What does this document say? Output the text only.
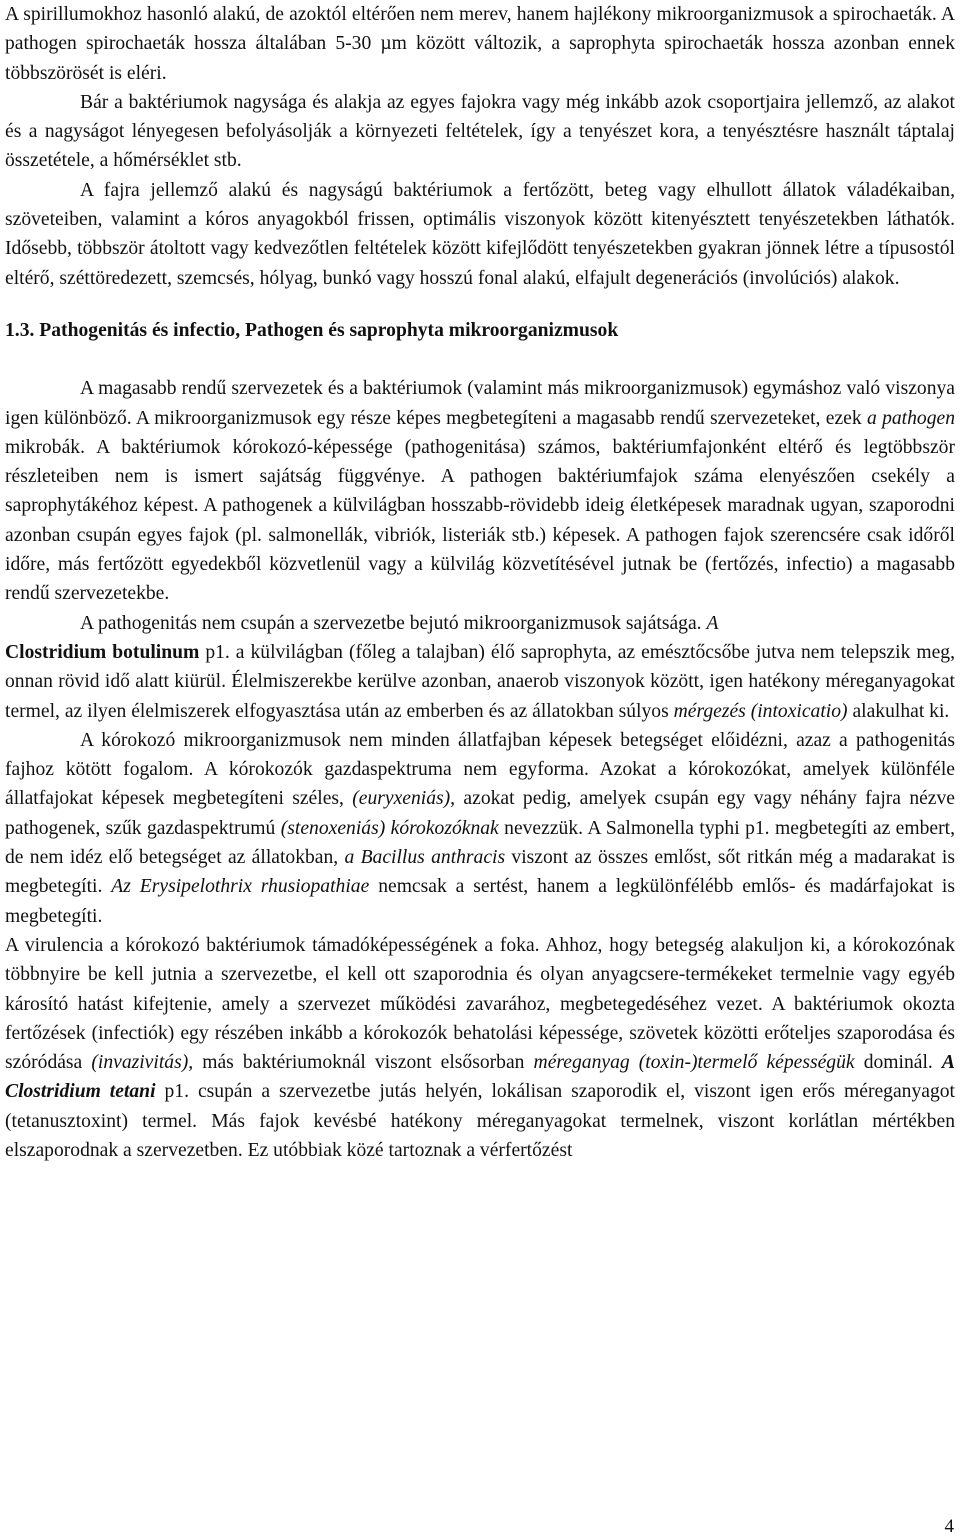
A spirillumokhoz hasonló alakú, de azoktól eltérően nem merev, hanem hajlékony mikroorganizmusok a spirochaeták. A pathogen spirochaeták hossza általában 5-30 µm között változik, a saprophyta spirochaeták hossza azonban ennek többszörösét is eléri.

Bár a baktériumok nagysága és alakja az egyes fajokra vagy még inkább azok csoportjaira jellemző, az alakot és a nagyságot lényegesen befolyásolják a környezeti feltételek, így a tenyészet kora, a tenyésztésre használt táptalaj összetétele, a hőmérséklet stb.

A fajra jellemző alakú és nagyságú baktériumok a fertőzött, beteg vagy elhullott állatok váladékaiban, szöveteiben, valamint a kóros anyagokból frissen, optimális viszonyok között kitenyésztett tenyészetekben láthatók. Idősebb, többször átoltott vagy kedvezőtlen feltételek között kifejlődött tenyészetekben gyakran jönnek létre a típusostól eltérő, széttöredezett, szemcsés, hólyag, bunkó vagy hosszú fonal alakú, elfajult degenerációs (involúciós) alakok.

1.3. Pathogenitás és infectio, Pathogen és saprophyta mikroorganizmusok

A magasabb rendű szervezetek és a baktériumok (valamint más mikroorganizmusok) egymáshoz való viszonya igen különböző. A mikroorganizmusok egy része képes megbetegíteni a magasabb rendű szervezeteket, ezek a pathogen mikrobák. A baktériumok kórokozó-képessége (pathogenitása) számos, baktériumfajonként eltérő és legtöbbször részleteiben nem is ismert sajátság függvénye. A pathogen baktériumfajok száma elenyészően csekély a saprophytákéhoz képest. A pathogenek a külvilágban hosszabb-rövidebb ideig életképesek maradnak ugyan, szaporodni azonban csupán egyes fajok (pl. salmonellák, vibriók, listeriák stb.) képesek. A pathogen fajok szerencsére csak időről időre, más fertőzött egyedekből közvetlenül vagy a külvilág közvetítésével jutnak be (fertőzés, infectio) a magasabb rendű szervezetekbe.

A pathogenitás nem csupán a szervezetbe bejutó mikroorganizmusok sajátsága. A
Clostridium botulinum p1. a külvilágban (főleg a talajban) élő saprophyta, az emésztőcsőbe jutva nem telepszik meg, onnan rövid idő alatt kiürül. Élelmiszerekbe kerülve azonban, anaerob viszonyok között, igen hatékony méreganyagokat termel, az ilyen élelmiszerek elfogyasztása után az emberben és az állatokban súlyos mérgezés (intoxicatio) alakulhat ki.

A kórokozó mikroorganizmusok nem minden állatfajban képesek betegséget előidézni, azaz a pathogenitás fajhoz kötött fogalom. A kórokozók gazdaspektruma nem egyforma. Azokat a kórokozókat, amelyek különféle állatfajokat képesek megbetegíteni széles, (euryxeniás), azokat pedig, amelyek csupán egy vagy néhány fajra nézve pathogenek, szűk gazdaspektrumú (stenoxeniás) kórokozóknak nevezzük. A Salmonella typhi p1. megbetegíti az embert, de nem idéz elő betegséget az állatokban, a Bacillus anthracis viszont az összes emlőst, sőt ritkán még a madarakat is megbetegíti. Az Erysipelothrix rhusiopathiae nemcsak a sertést, hanem a legkülönfélébb emlős- és madárfajokat is megbetegíti.

A virulencia a kórokozó baktériumok támadóképességének a foka. Ahhoz, hogy betegség alakuljon ki, a kórokozónak többnyire be kell jutnia a szervezetbe, el kell ott szaporodnia és olyan anyagcsere-termékeket termelnie vagy egyéb károsító hatást kifejtenie, amely a szervezet működési zavarához, megbetegedéséhez vezet. A baktériumok okozta fertőzések (infectiók) egy részében inkább a kórokozók behatolási képessége, szövetek közötti erőteljes szaporodása és szóródása (invazivitás), más baktériumoknál viszont elsősorban méreganyag (toxin-)termelő képességük dominál. A Clostridium tetani p1. csupán a szervezetbe jutás helyén, lokálisan szaporodik el, viszont igen erős méreganyagot (tetanusztoxint) termel. Más fajok kevésbé hatékony méreganyagokat termelnek, viszont korlátlan mértékben elszaporodnak a szervezetben. Ez utóbbiak közé tartoznak a vérfertőzést

4
